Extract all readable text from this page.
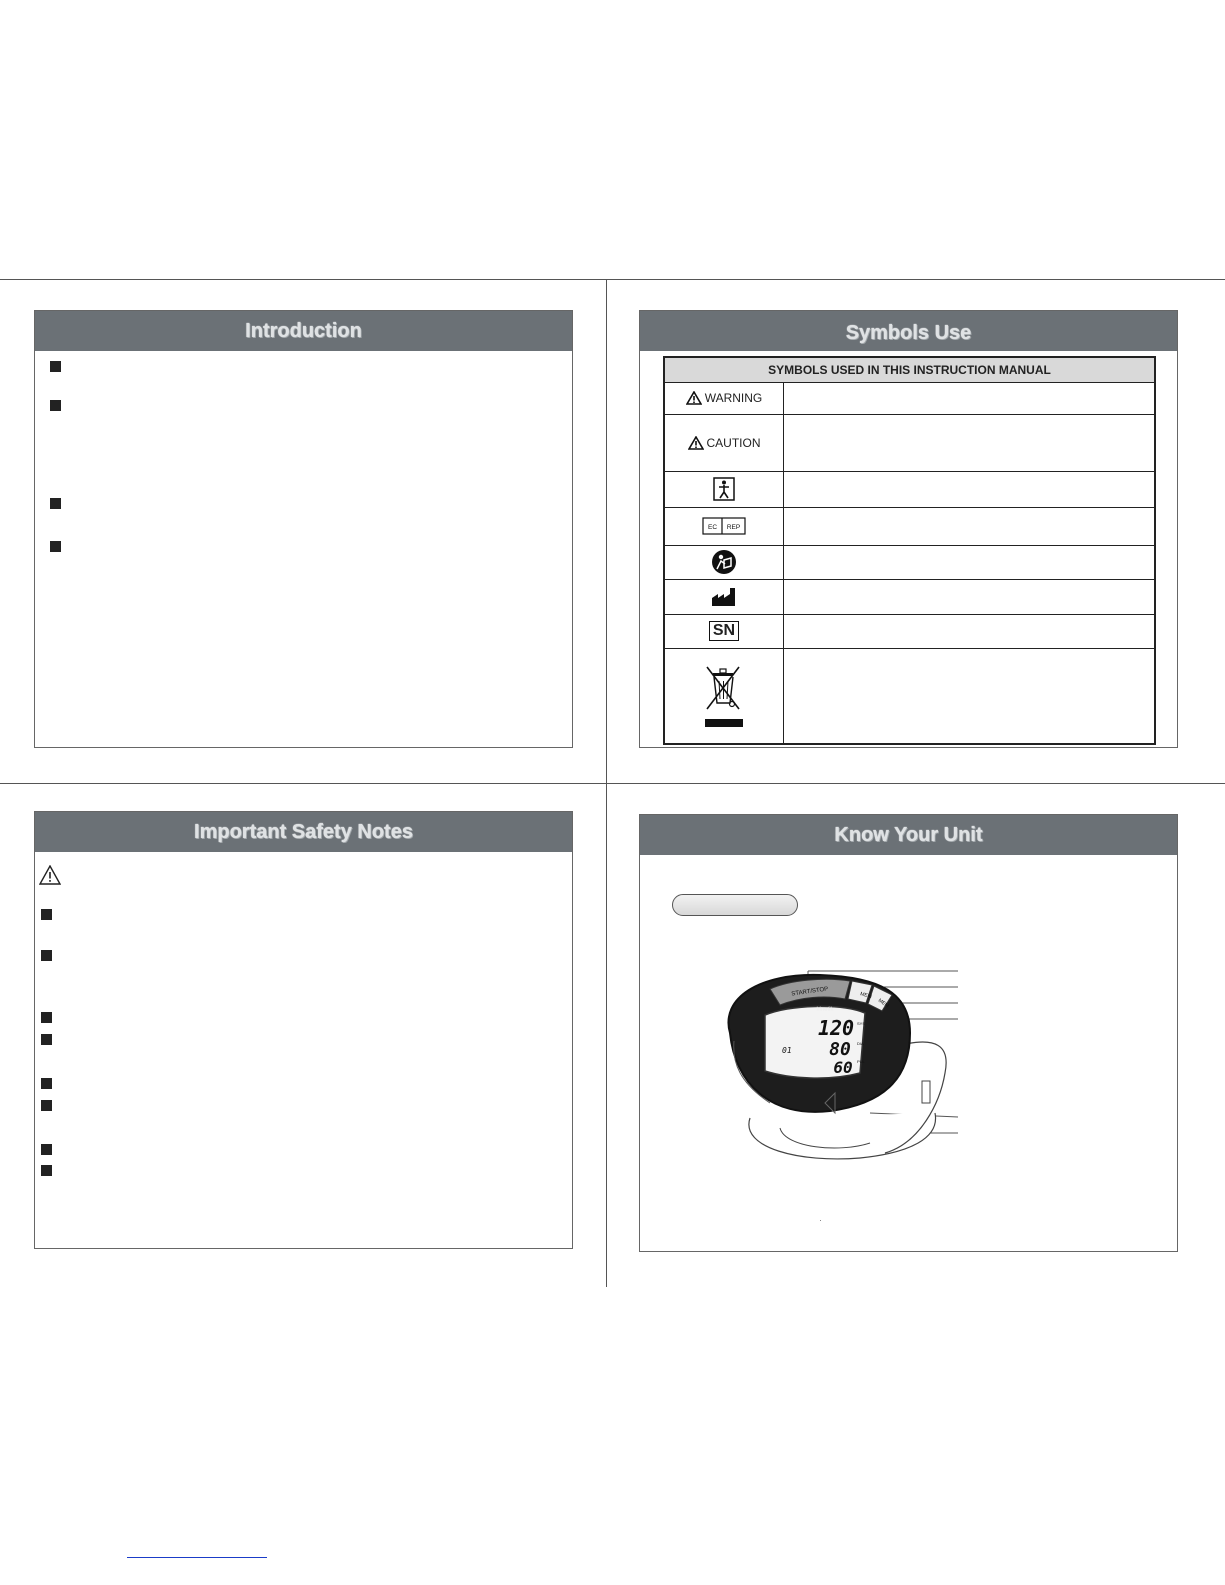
Introduction	Symbols Use
SYMBOLS USED IN THIS INSTRUCTION MANUAL
WARNING
CAUTION
EC REP
SN
Important Safety Notes	Know Your Unit
START/STOP	MEM
MEM
kinetik
120
80
60
SYS
DIA
PUL
01
